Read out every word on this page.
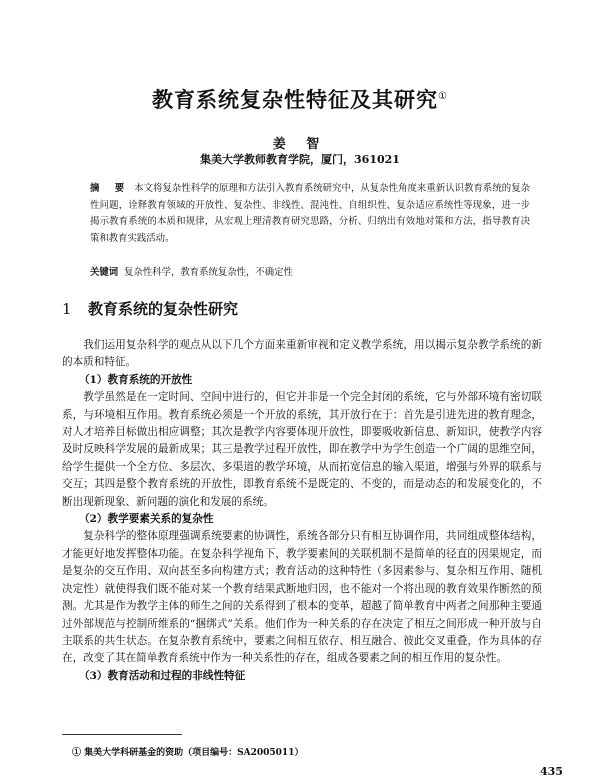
教育系统复杂性特征及其研究①
姜 智
集美大学教师教育学院，厦门，361021
摘 要 本文将复杂性科学的原理和方法引入教育系统研究中，从复杂性角度来重新认识教育系统的复杂性问题，诠释教育领域的开放性、复杂性、非线性、混沌性、自组织性、复杂适应系统性等现象，进一步揭示教育系统的本质和规律，从宏观上理清教育研究思路，分析、归纳出有效地对策和方法，指导教育决策和教育实践活动。
关键词 复杂性科学，教育系统复杂性，不确定性
1 教育系统的复杂性研究

我们运用复杂科学的观点从以下几个方面来重新审视和定义教学系统，用以揭示复杂教学系统的新的本质和特征。

（1）教育系统的开放性

教学虽然是在一定时间、空间中进行的，但它并非是一个完全封闭的系统，它与外部环境有密切联系，与环境相互作用。教育系统必须是一个开放的系统，其开放行在于：首先是引进先进的教育理念，对人才培养目标做出相应调整；其次是教学内容要体现开放性，即要吸收新信息、新知识，使教学内容及时反映科学发展的最新成果；其三是教学过程开放性，即在教学中为学生创造一个广阔的思维空间，给学生提供一个全方位、多层次、多渠道的教学环境，从而拓宽信息的输入渠道，增强与外界的联系与交互；其四是整个教育系统的开放性，即教育系统不是既定的、不变的，而是动态的和发展变化的，不断出现新现象、新问题的演化和发展的系统。

（2）教学要素关系的复杂性

复杂科学的整体原理强调系统要素的协调性，系统各部分只有相互协调作用，共同组成整体结构，才能更好地发挥整体功能。在复杂科学视角下，教学要素间的关联机制不是简单的径直的因果规定，而是复杂的交互作用、双向甚至多向构建方式；教育活动的这种特性（多因素参与、复杂相互作用、随机决定性）就使得我们既不能对某一个教育结果武断地归因，也不能对一个将出现的教育效果作断然的预测。尤其是作为教学主体的师生之间的关系得到了根本的变革，超越了简单教育中两者之间那种主要通过外部规范与控制所维系的“捆绑式”关系。他们作为一种关系的存在决定了相互之间形成一种开放与自主联系的共生状态。在复杂教育系统中，要素之间相互依存、相互融合、彼此交叉重叠，作为具体的存在，改变了其在简单教育系统中作为一种关系性的存在，组成各要素之间的相互作用的复杂性。

（3）教育活动和过程的非线性特征

① 集美大学科研基金的资助（项目编号：SA2005011）
435
